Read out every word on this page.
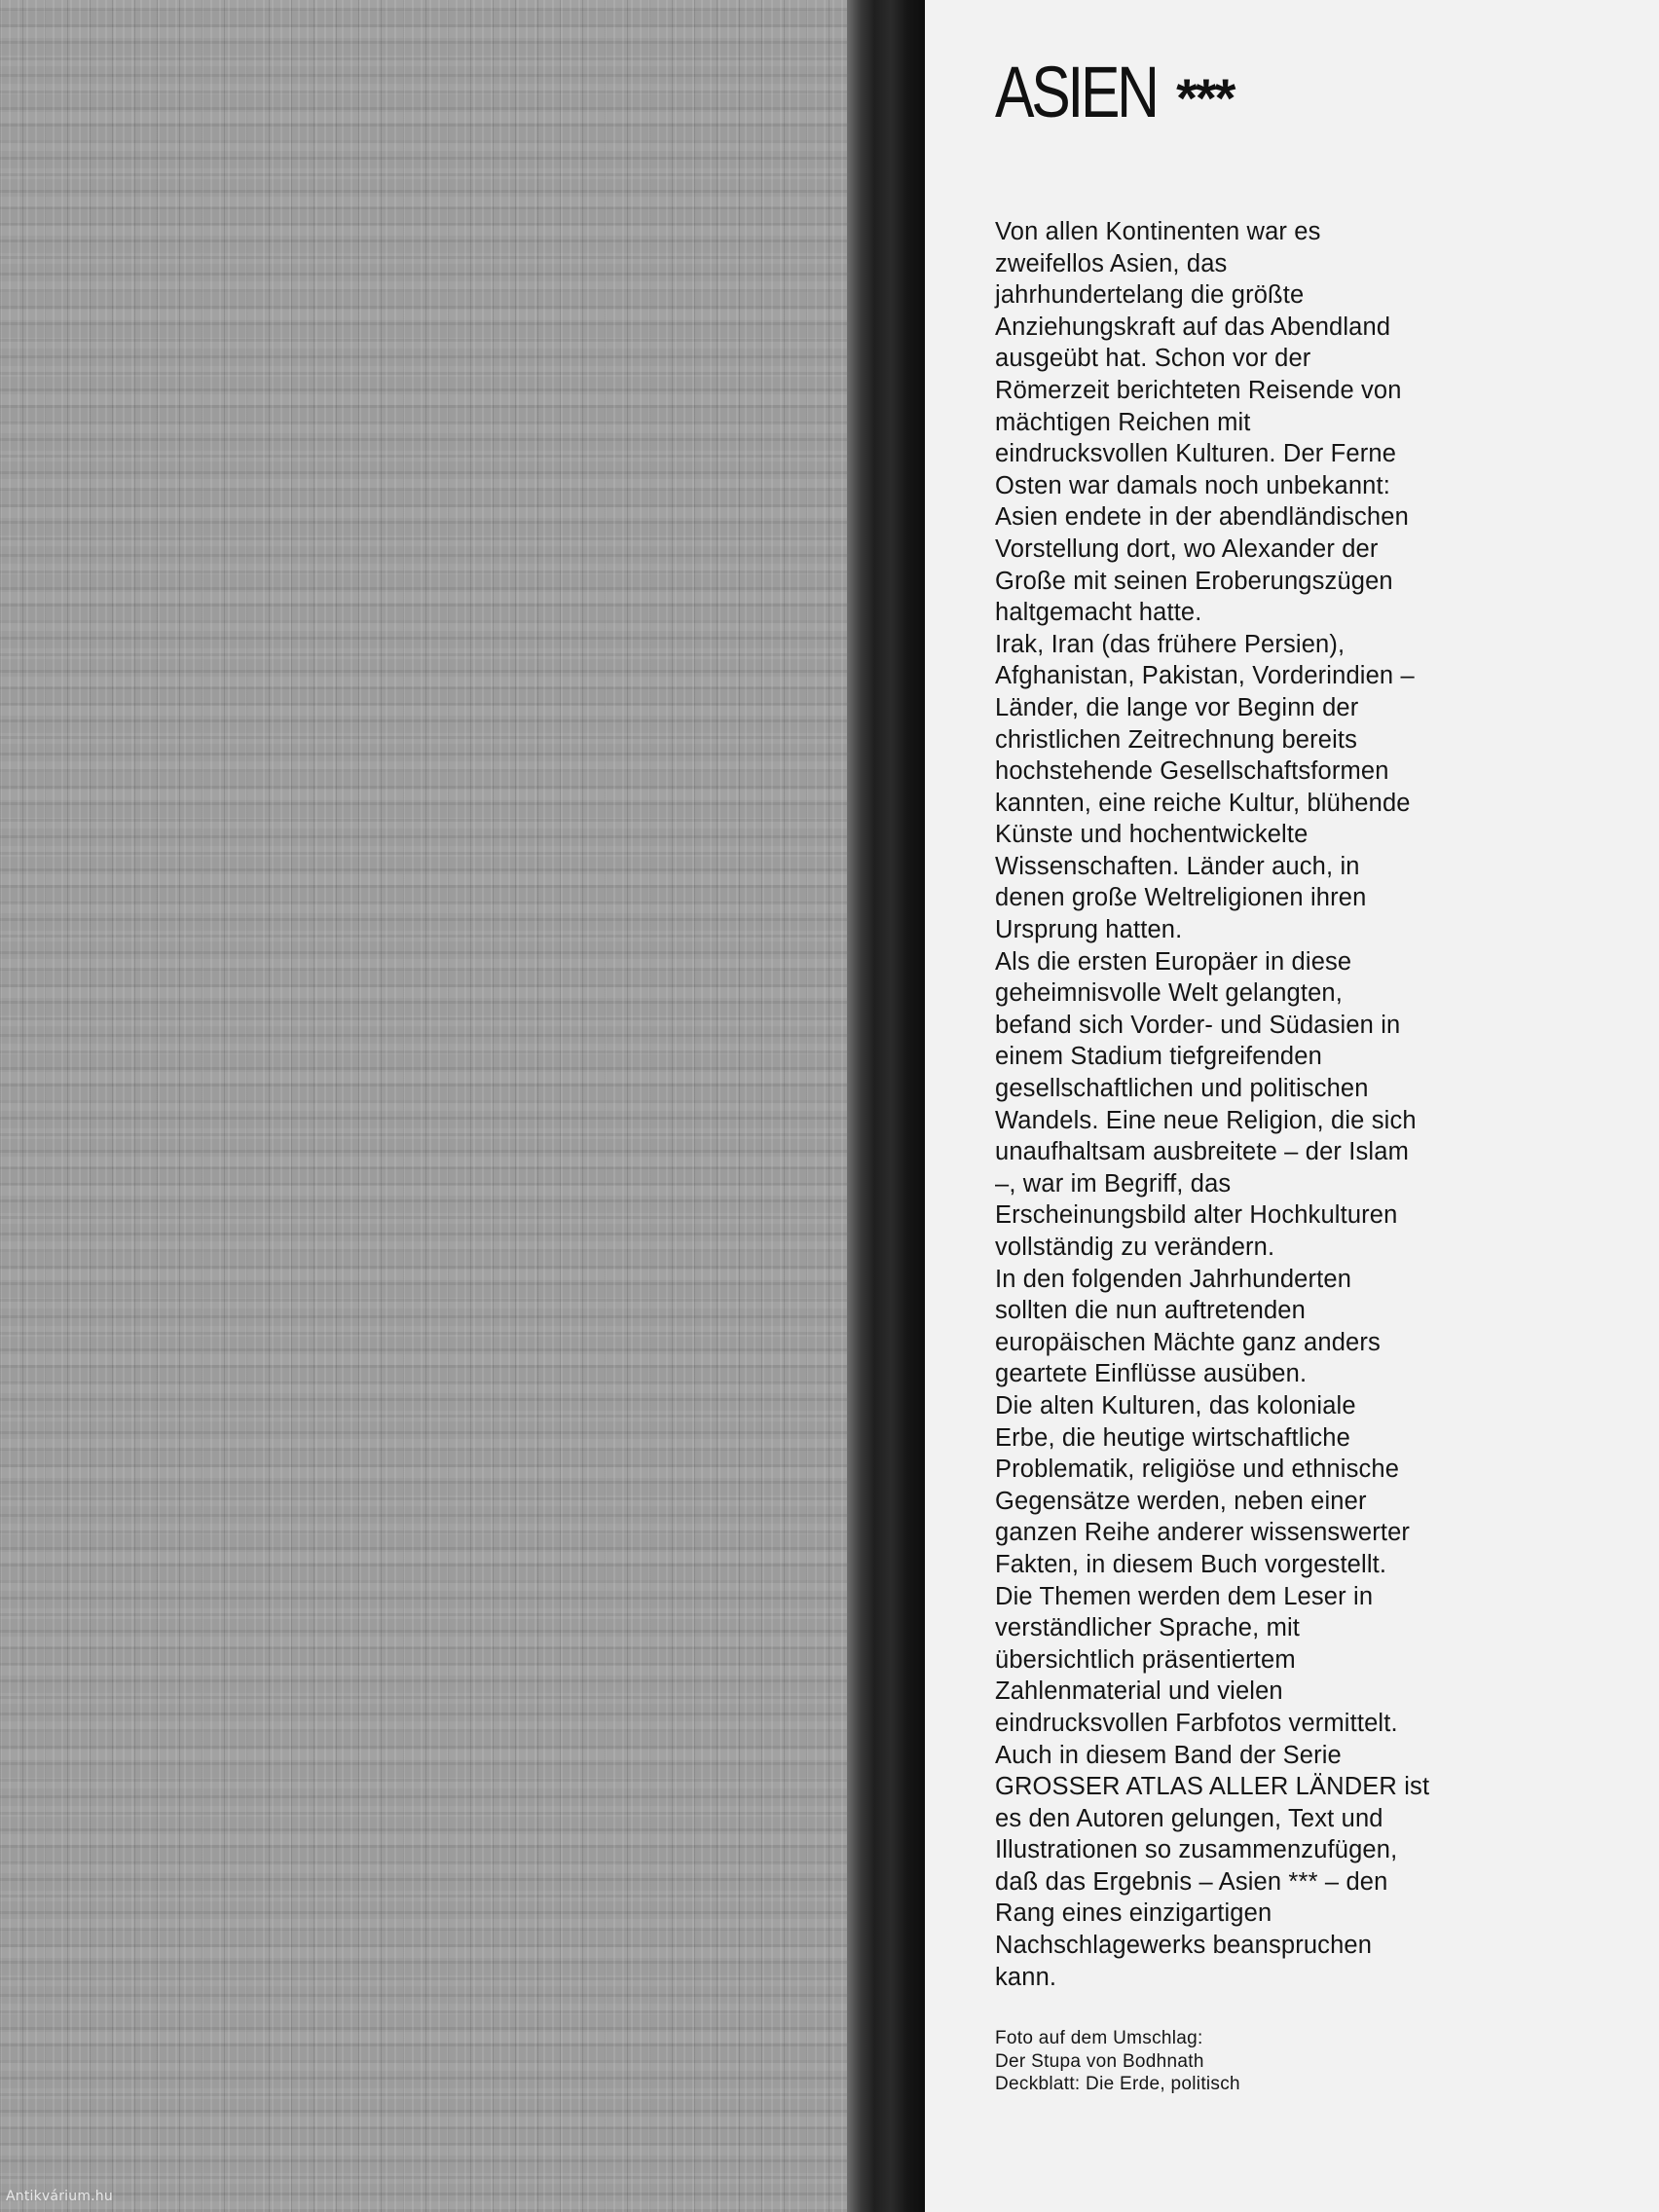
ASIEN ***
Von allen Kontinenten war es
zweifellos Asien, das
jahrhundertelang die größte
Anziehungskraft auf das Abendland
ausgeübt hat. Schon vor der
Römerzeit berichteten Reisende von
mächtigen Reichen mit
eindrucksvollen Kulturen. Der Ferne
Osten war damals noch unbekannt:
Asien endete in der abendländischen
Vorstellung dort, wo Alexander der
Große mit seinen Eroberungszügen
haltgemacht hatte.
Irak, Iran (das frühere Persien),
Afghanistan, Pakistan, Vorderindien –
Länder, die lange vor Beginn der
christlichen Zeitrechnung bereits
hochstehende Gesellschaftsformen
kannten, eine reiche Kultur, blühende
Künste und hochentwickelte
Wissenschaften. Länder auch, in
denen große Weltreligionen ihren
Ursprung hatten.
Als die ersten Europäer in diese
geheimnisvolle Welt gelangten,
befand sich Vorder- und Südasien in
einem Stadium tiefgreifenden
gesellschaftlichen und politischen
Wandels. Eine neue Religion, die sich
unaufhaltsam ausbreitete – der Islam
–, war im Begriff, das
Erscheinungsbild alter Hochkulturen
vollständig zu verändern.
In den folgenden Jahrhunderten
sollten die nun auftretenden
europäischen Mächte ganz anders
geartete Einflüsse ausüben.
Die alten Kulturen, das koloniale
Erbe, die heutige wirtschaftliche
Problematik, religiöse und ethnische
Gegensätze werden, neben einer
ganzen Reihe anderer wissenswerter
Fakten, in diesem Buch vorgestellt.
Die Themen werden dem Leser in
verständlicher Sprache, mit
übersichtlich präsentiertem
Zahlenmaterial und vielen
eindrucksvollen Farbfotos vermittelt.
Auch in diesem Band der Serie
GROSSER ATLAS ALLER LÄNDER ist
es den Autoren gelungen, Text und
Illustrationen so zusammenzufügen,
daß das Ergebnis – Asien *** – den
Rang eines einzigartigen
Nachschlagewerks beanspruchen
kann.
Foto auf dem Umschlag:
Der Stupa von Bodhnath
Deckblatt: Die Erde, politisch
Antikvárium.hu
